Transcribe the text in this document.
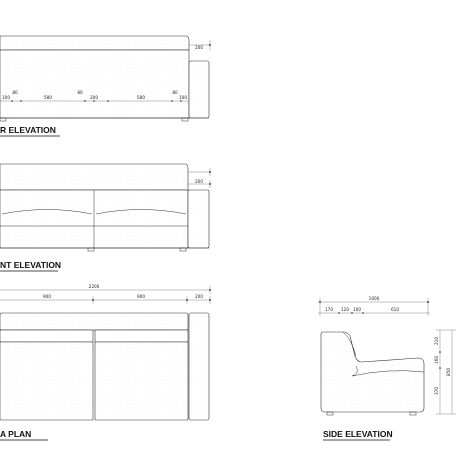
200
100
80
580
80
200	580
80
100
R ELEVATION
200
NT ELEVATION
2200
900	900	200
A PLAN
1000
170 120 100	610
210
160
370
850
SIDE ELEVATION
